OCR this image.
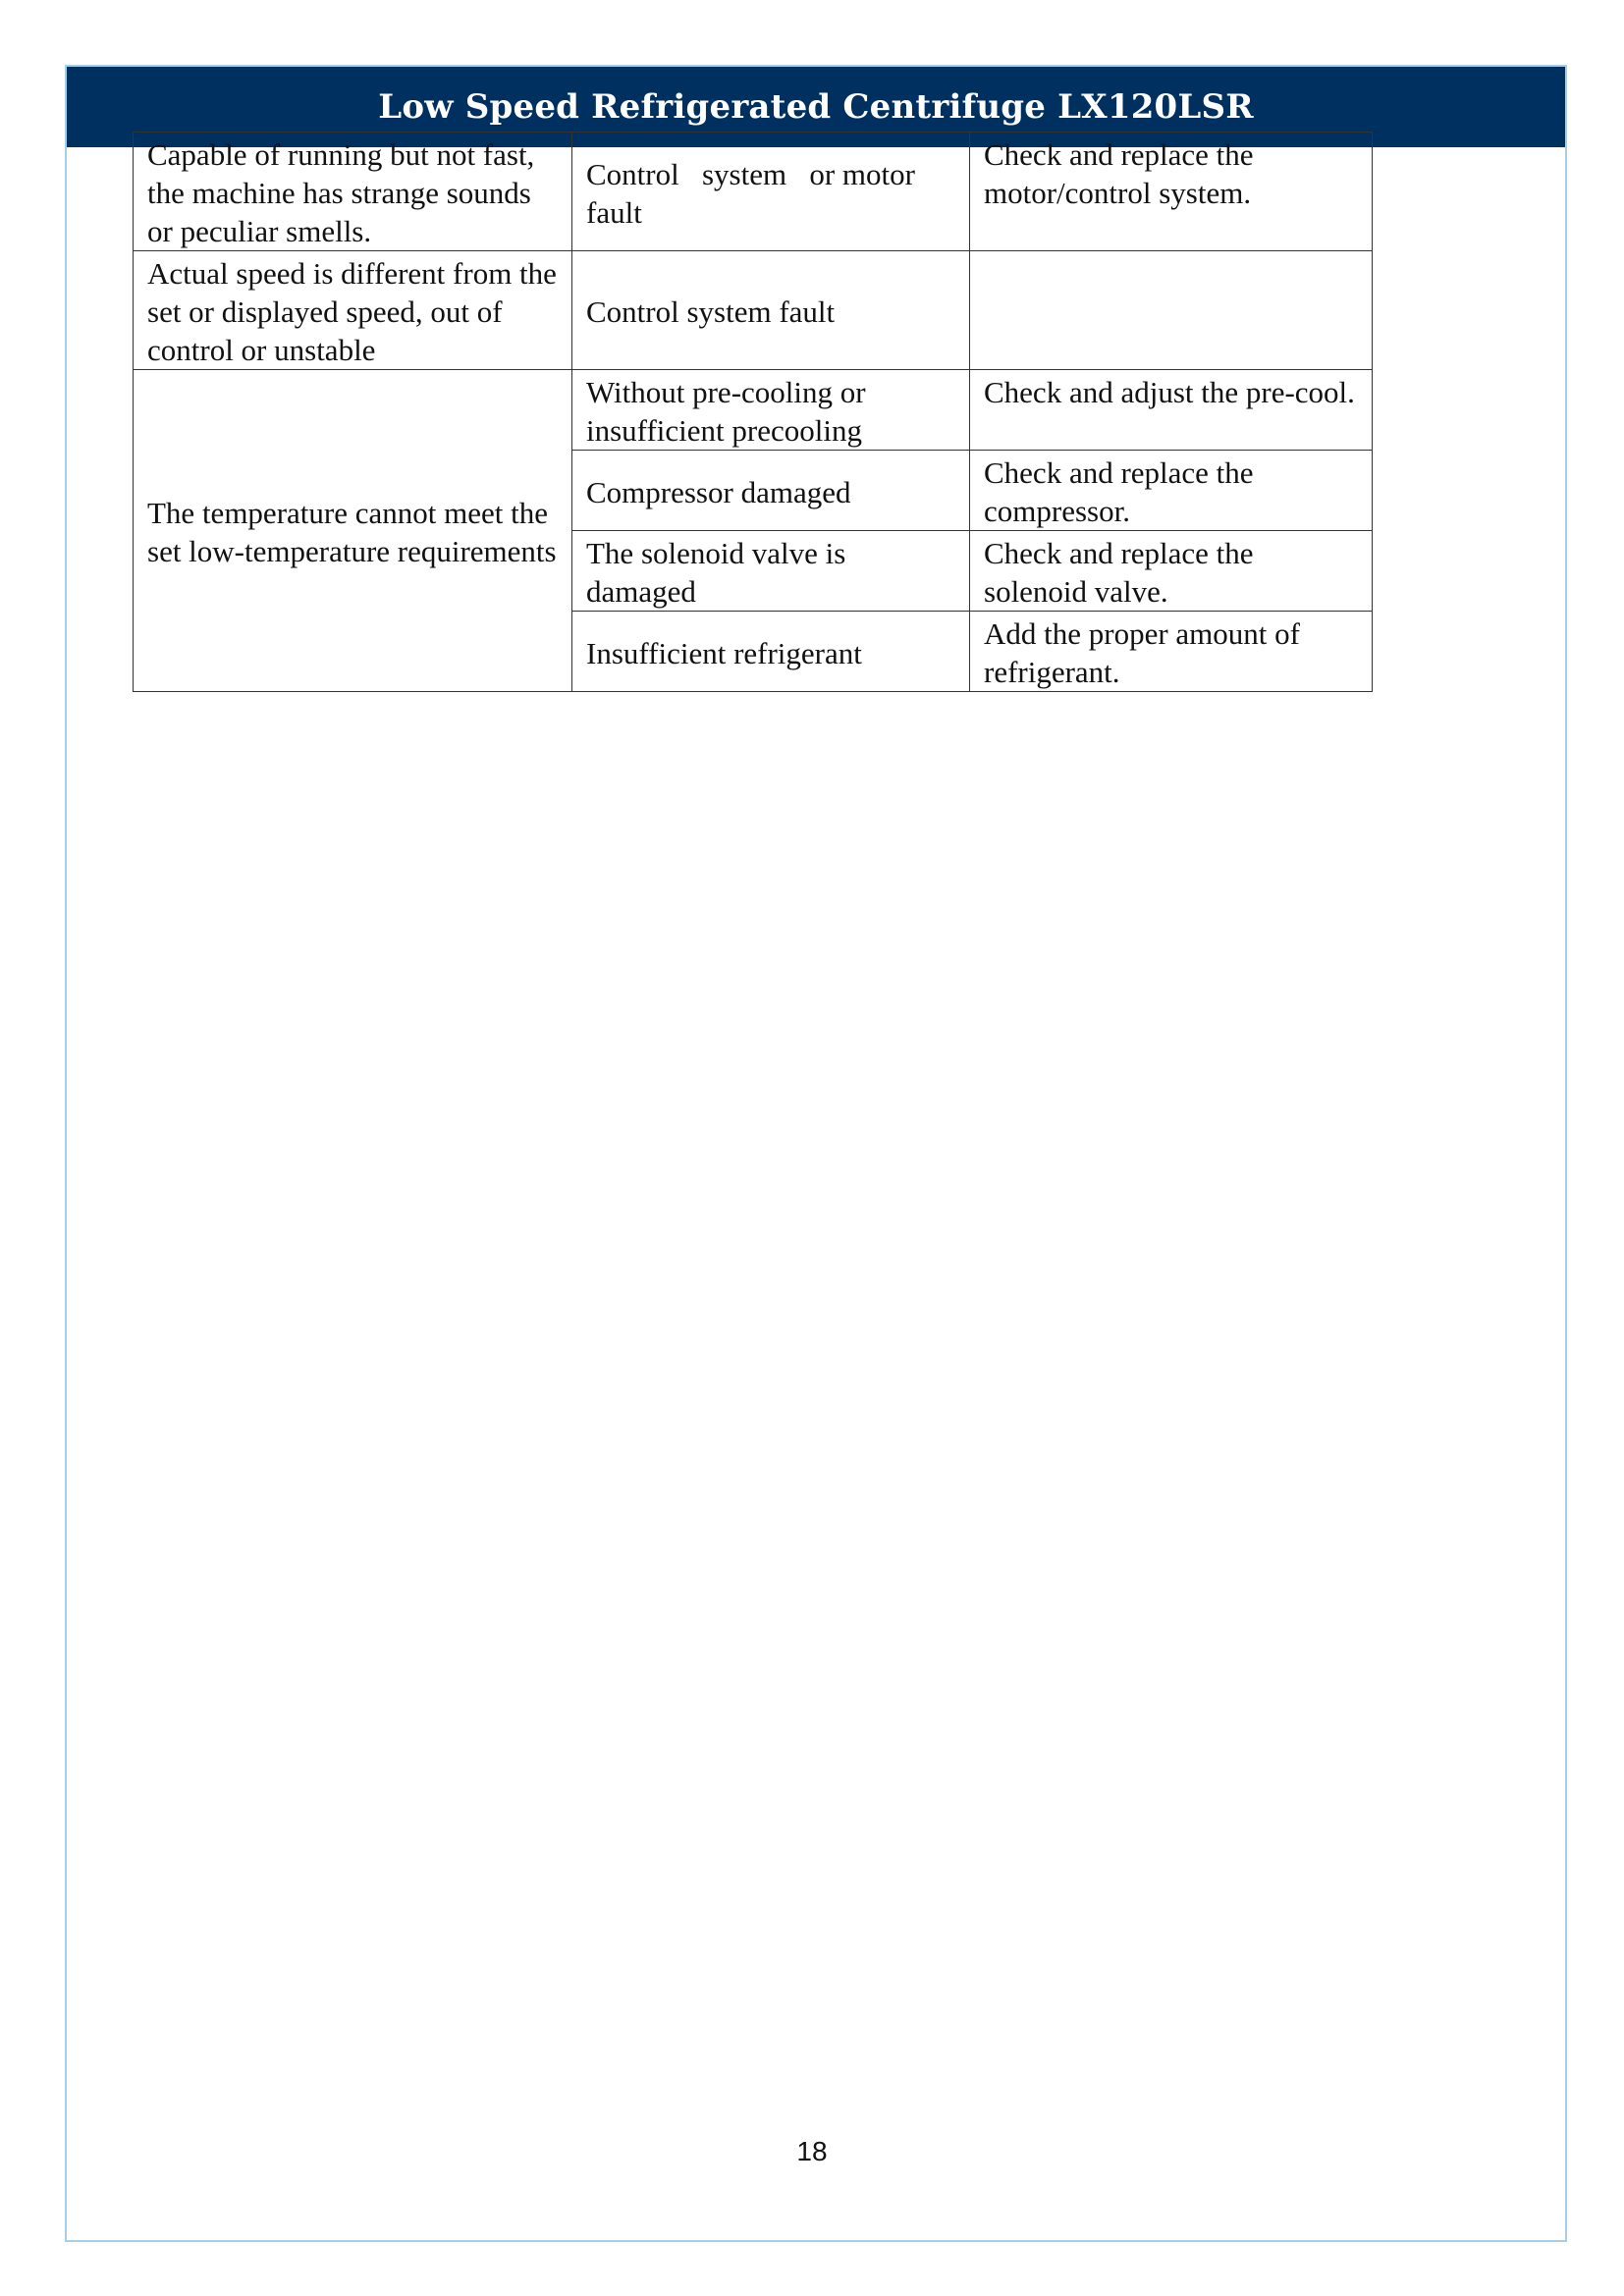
Low Speed Refrigerated Centrifuge LX120LSR
Capable of running but not fast, the machine has strange sounds or peculiar smells.	Control   system   or motor fault	Check and replace the motor/control system.
Actual speed is different from the set or displayed speed, out of control or unstable	Control system fault	
The temperature cannot meet the set low-temperature requirements	Without pre-cooling or insufficient precooling	Check and adjust the pre-cool.
	Compressor damaged	Check and replace the compressor.
	The solenoid valve is damaged	Check and replace the solenoid valve.
	Insufficient refrigerant	Add the proper amount of refrigerant.
18
